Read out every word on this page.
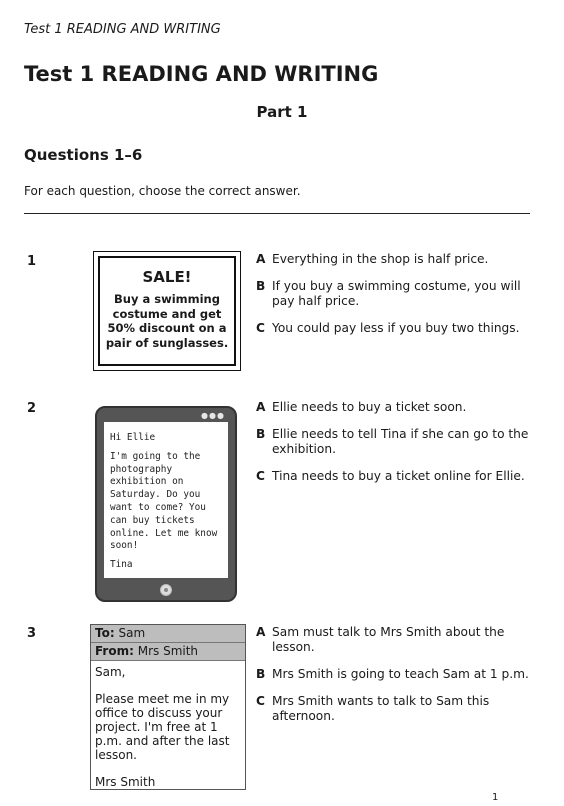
Test 1 READING AND WRITING
Test 1 READING AND WRITING
Part 1
Questions 1–6
For each question, choose the correct answer.
1
SALE!
Buy a swimming costume and get 50% discount on a pair of sunglasses.
A Everything in the shop is half price.
B If you buy a swimming costume, you will pay half price.
C You could pay less if you buy two things.
2	●●●

Hi Ellie

I'm going to the photography exhibition on Saturday. Do you want to come? You can buy tickets online. Let me know soon!

Tina

A Ellie needs to buy a ticket soon.
B Ellie needs to tell Tina if she can go to the exhibition.
C Tina needs to buy a ticket online for Ellie.
3	To: Sam
From: Mrs Smith

Sam,

Please meet me in my office to discuss your project. I'm free at 1 p.m. and after the last lesson.

Mrs Smith

A Sam must talk to Mrs Smith about the lesson.
B Mrs Smith is going to teach Sam at 1 p.m.
C Mrs Smith wants to talk to Sam this afternoon.
1
